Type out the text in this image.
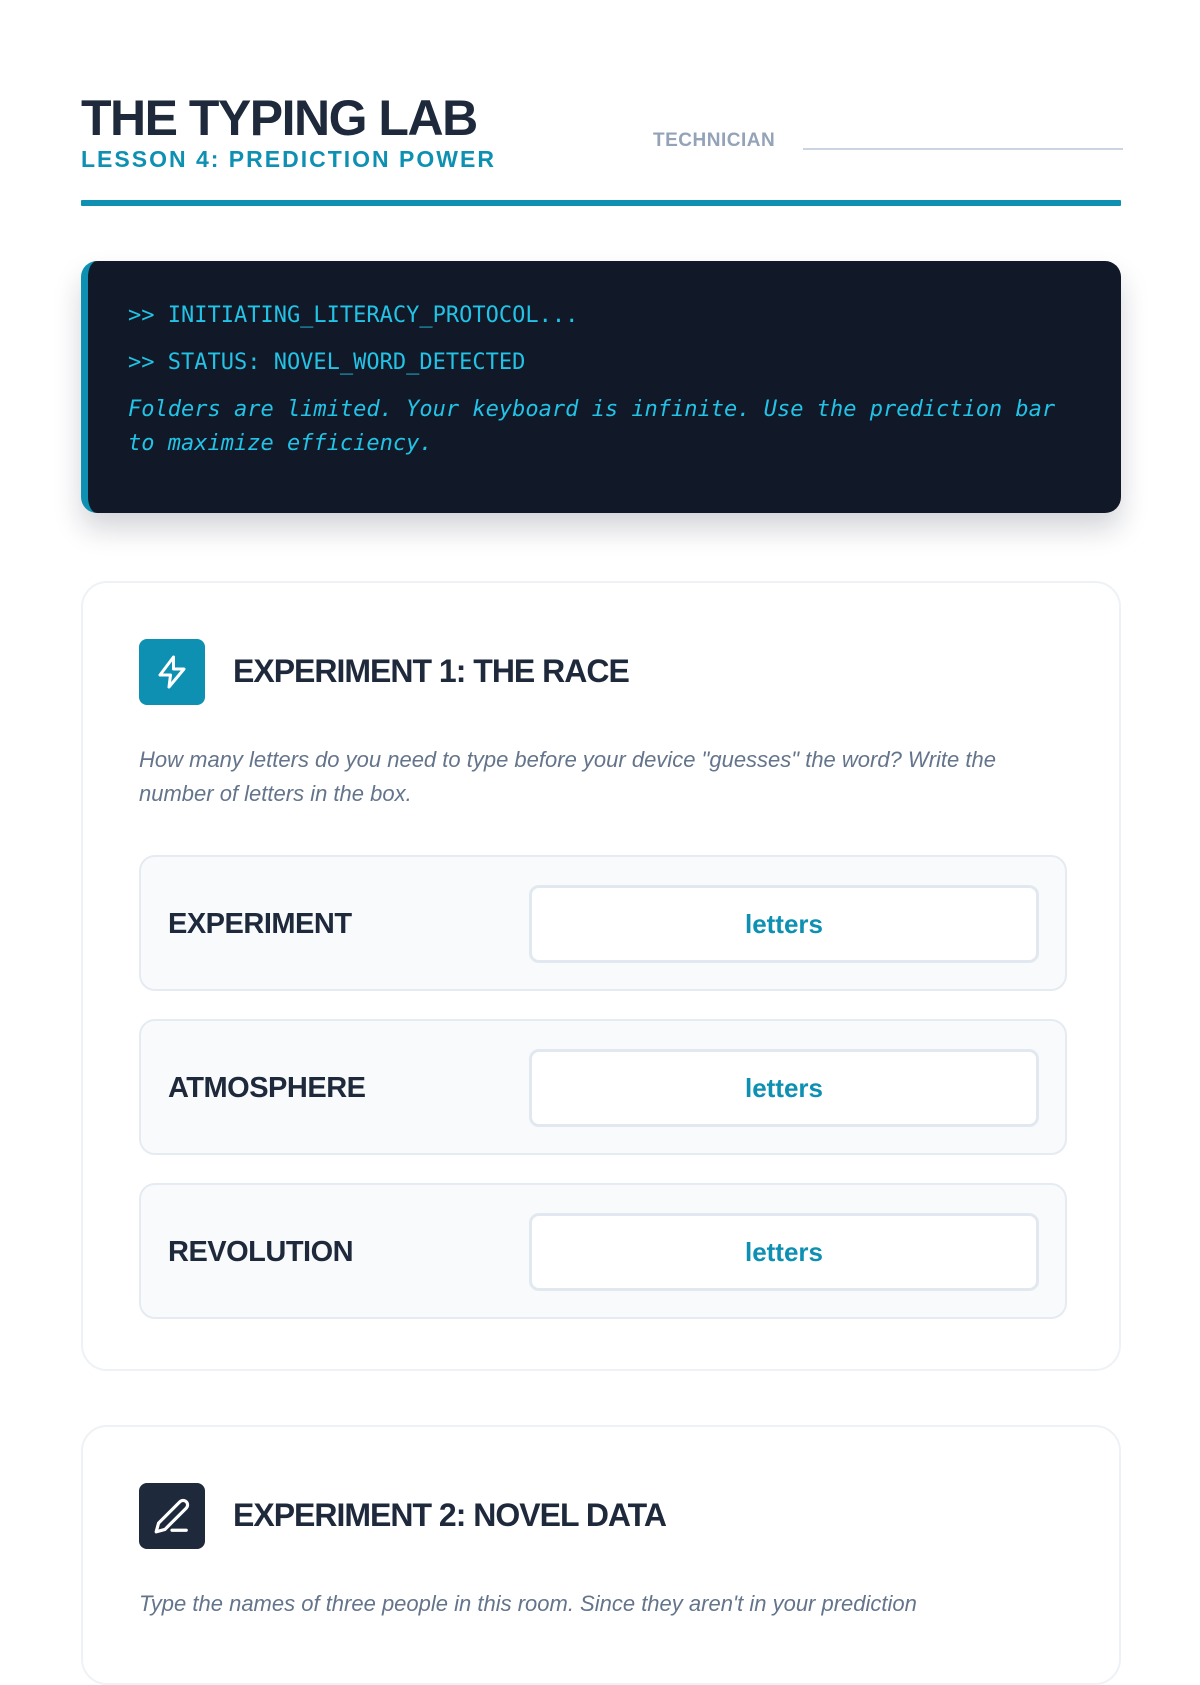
THE TYPING LAB
LESSON 4: PREDICTION POWER
TECHNICIAN
>> INITIATING_LITERACY_PROTOCOL...
>> STATUS: NOVEL_WORD_DETECTED
Folders are limited. Your keyboard is infinite. Use the prediction bar to maximize efficiency.
EXPERIMENT 1: THE RACE
How many letters do you need to type before your device "guesses" the word? Write the number of letters in the box.
EXPERIMENT	letters
ATMOSPHERE	letters
REVOLUTION	letters
EXPERIMENT 2: NOVEL DATA
Type the names of three people in this room. Since they aren't in your prediction
